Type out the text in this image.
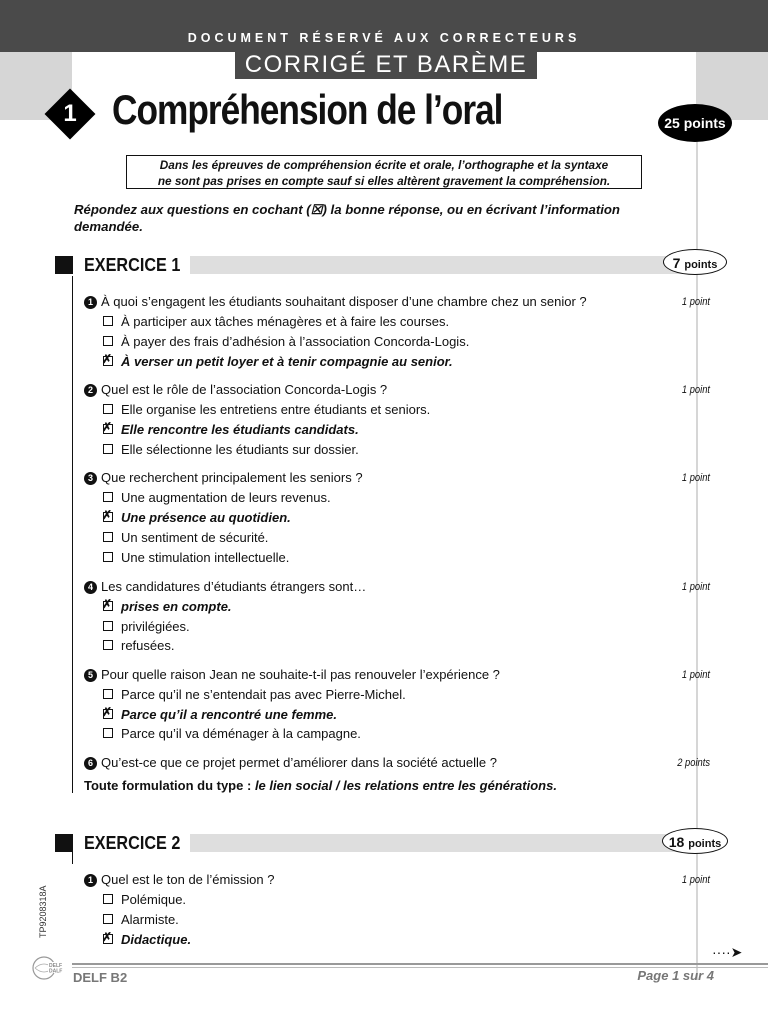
DOCUMENT RÉSERVÉ AUX CORRECTEURS
CORRIGÉ ET BARÈME
1 Compréhension de l’oral	25 points
Dans les épreuves de compréhension écrite et orale, l’orthographe et la syntaxe
ne sont pas prises en compte sauf si elles altèrent gravement la compréhension.
Répondez aux questions en cochant (☒) la bonne réponse, ou en écrivant l’information
demandée.
EXERCICE 1	7 points
1 À quoi s’engagent les étudiants souhaitant disposer d’une chambre chez un senior ?	1 point
À participer aux tâches ménagères et à faire les courses.
À payer des frais d’adhésion à l’association Concorda-Logis.
✗À verser un petit loyer et à tenir compagnie au senior.
2 Quel est le rôle de l’association Concorda-Logis ?	1 point
Elle organise les entretiens entre étudiants et seniors.
✗Elle rencontre les étudiants candidats.
Elle sélectionne les étudiants sur dossier.
3 Que recherchent principalement les seniors ?	1 point
Une augmentation de leurs revenus.
✗Une présence au quotidien.
Un sentiment de sécurité.
Une stimulation intellectuelle.
4 Les candidatures d’étudiants étrangers sont…	1 point
✗prises en compte.
privilégiées.
refusées.
5 Pour quelle raison Jean ne souhaite-t-il pas renouveler l’expérience ?	1 point
Parce qu’il ne s’entendait pas avec Pierre-Michel.
✗Parce qu’il a rencontré une femme.
Parce qu’il va déménager à la campagne.
6 Qu’est-ce que ce projet permet d’améliorer dans la société actuelle ?	2 points
Toute formulation du type : le lien social / les relations entre les générations.
EXERCICE 2	18 points
1 Quel est le ton de l’émission ?	1 point
Polémique.
Alarmiste.
✗Didactique.
TP9208318A
DELF
DALF
····➤
DELF B2	Page 1 sur 4
